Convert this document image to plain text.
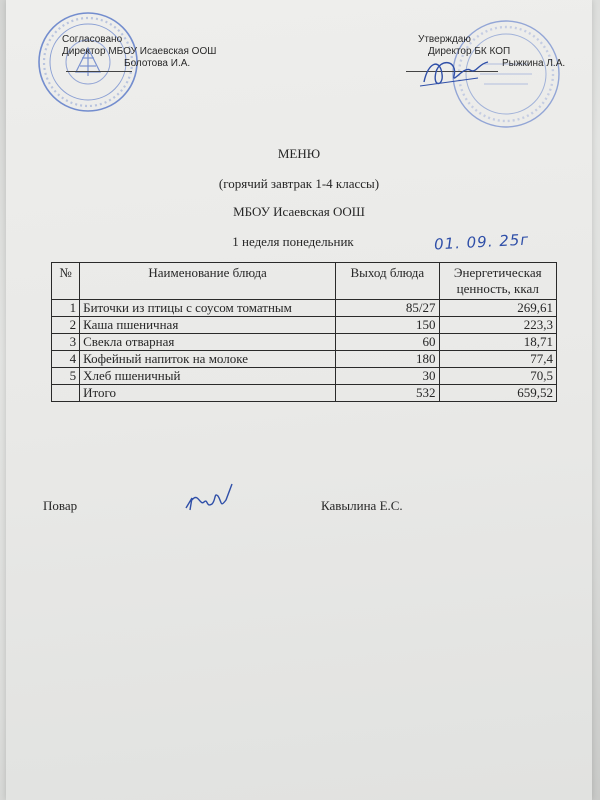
Согласовано
Директор МБОУ Исаевская ООШ
Болотова И.А.
Утверждаю
Директор БК КОП
Рыжкина Л.А.
МЕНЮ
(горячий завтрак 1-4 классы)
МБОУ Исаевская ООШ
1 неделя понедельник	01. 09. 25г
№	Наименование блюда	Выход блюда	Энергетическая
ценность, ккал
1	Биточки из птицы с соусом томатным	85/27	269,61
2	Каша пшеничная	150	223,3
3	Свекла отварная	60	18,71
4	Кофейный напиток на молоке	180	77,4
5	Хлеб пшеничный	30	70,5
	Итого	532	659,52
Повар	Кавылина Е.С.
